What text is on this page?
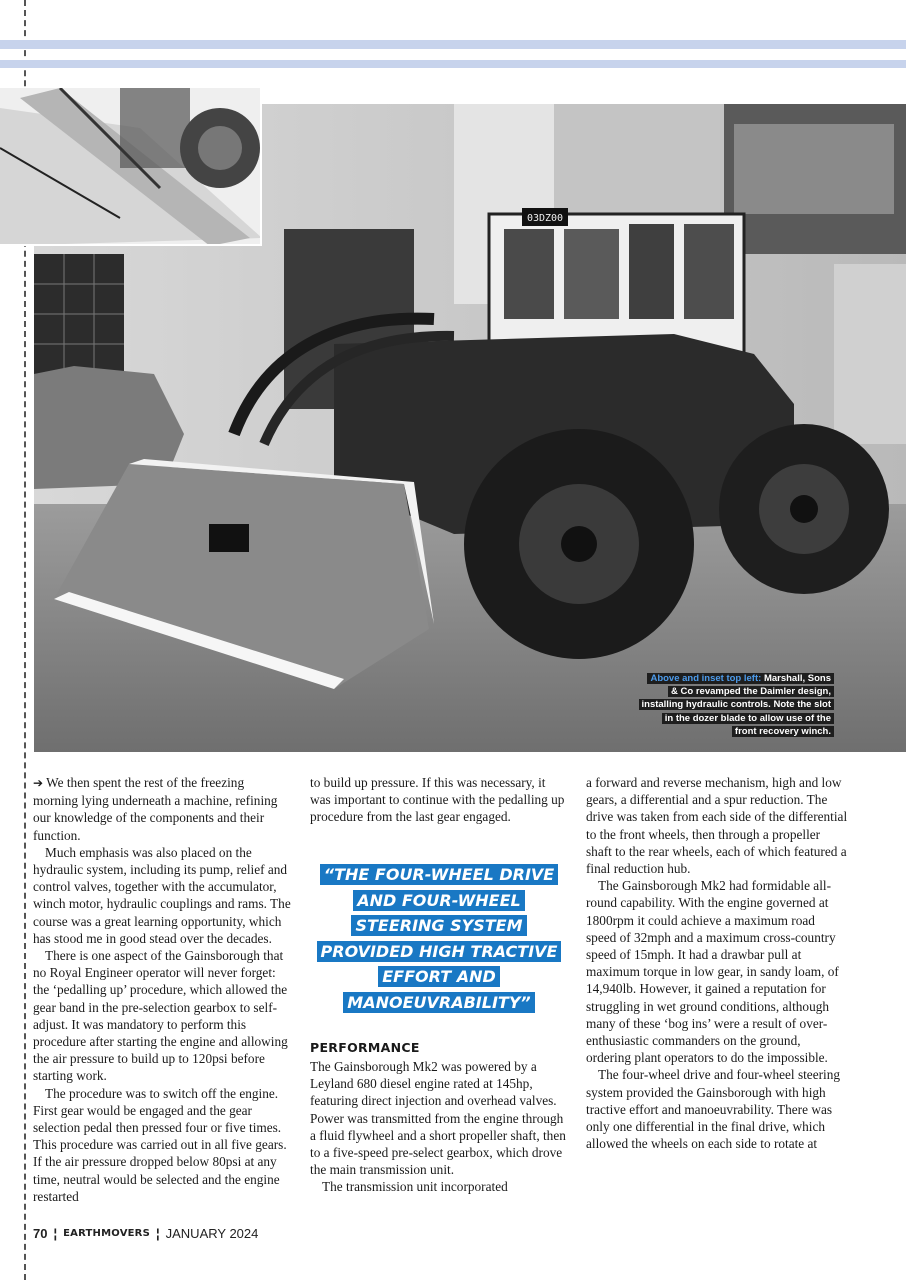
03DZ00
Above and inset top left: Marshall, Sons
& Co revamped the Daimler design,
installing hydraulic controls. Note the slot
in the dozer blade to allow use of the
front recovery winch.

➔ We then spent the rest of the freezing morning lying underneath a machine, refining our knowledge of the components and their function.

Much emphasis was also placed on the hydraulic system, including its pump, relief and control valves, together with the accumulator, winch motor, hydraulic couplings and rams. The course was a great learning opportunity, which has stood me in good stead over the decades.

There is one aspect of the Gainsborough that no Royal Engineer operator will never forget: the ‘pedalling up’ procedure, which allowed the gear band in the pre-selection gearbox to self-adjust. It was mandatory to perform this procedure after starting the engine and allowing the air pressure to build up to 120psi before starting work.

The procedure was to switch off the engine. First gear would be engaged and the gear selection pedal then pressed four or five times. This procedure was carried out in all five gears. If the air pressure dropped below 80psi at any time, neutral would be selected and the engine restarted

to build up pressure. If this was necessary, it was important to continue with the pedalling up procedure from the last gear engaged.

“THE FOUR-WHEEL DRIVE
AND FOUR-WHEEL
STEERING SYSTEM
PROVIDED HIGH TRACTIVE
EFFORT AND
MANOEUVRABILITY”
PERFORMANCE

The Gainsborough Mk2 was powered by a Leyland 680 diesel engine rated at 145hp, featuring direct injection and overhead valves. Power was transmitted from the engine through a fluid flywheel and a short propeller shaft, then to a five-speed pre-select gearbox, which drove the main transmission unit.

The transmission unit incorporated

a forward and reverse mechanism, high and low gears, a differential and a spur reduction. The drive was taken from each side of the differential to the front wheels, then through a propeller shaft to the rear wheels, each of which featured a final reduction hub.

The Gainsborough Mk2 had formidable all-round capability. With the engine governed at 1800rpm it could achieve a maximum road speed of 32mph and a maximum cross-country speed of 15mph. It had a drawbar pull at maximum torque in low gear, in sandy loam, of 14,940lb. However, it gained a reputation for struggling in wet ground conditions, although many of these ‘bog ins’ were a result of over-enthusiastic commanders on the ground, ordering plant operators to do the impossible.

The four-wheel drive and four-wheel steering system provided the Gainsborough with high tractive effort and manoeuvrability. There was only one differential in the final drive, which allowed the wheels on each side to rotate at

70 ¦ EARTHMOVERS ¦ JANUARY 2024
